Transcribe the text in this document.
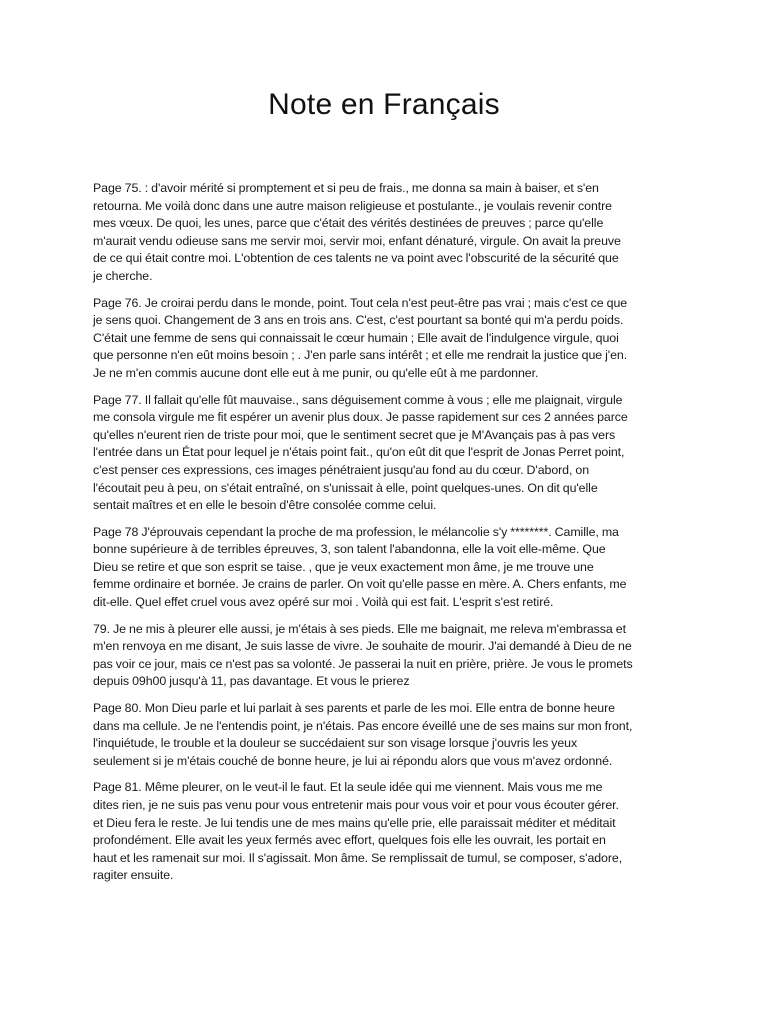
Note en Français

Page 75. : d'avoir mérité si promptement et si peu de frais., me donna sa main à baiser, et s'en
retourna. Me voilà donc dans une autre maison religieuse et postulante., je voulais revenir contre
mes vœux. De quoi, les unes, parce que c'était des vérités destinées de preuves ; parce qu'elle
m'aurait vendu odieuse sans me servir moi, servir moi, enfant dénaturé, virgule. On avait la preuve
de ce qui était contre moi. L'obtention de ces talents ne va point avec l'obscurité de la sécurité que
je cherche.

Page 76. Je croirai perdu dans le monde, point. Tout cela n'est peut-être pas vrai ; mais c'est ce que
je sens quoi. Changement de 3 ans en trois ans. C'est, c'est pourtant sa bonté qui m'a perdu poids.
C'était une femme de sens qui connaissait le cœur humain ; Elle avait de l'indulgence virgule, quoi
que personne n'en eût moins besoin ; . J'en parle sans intérêt ; et elle me rendrait la justice que j'en.
Je ne m'en commis aucune dont elle eut à me punir, ou qu'elle eût à me pardonner.

Page 77. Il fallait qu'elle fût mauvaise., sans déguisement comme à vous ; elle me plaignait, virgule
me consola virgule me fit espérer un avenir plus doux. Je passe rapidement sur ces 2 années parce
qu'elles n'eurent rien de triste pour moi, que le sentiment secret que je M'Avançais pas à pas vers
l'entrée dans un État pour lequel je n'étais point fait., qu'on eût dit que l'esprit de Jonas Perret point,
c'est penser ces expressions, ces images pénétraient jusqu'au fond au du cœur. D'abord, on
l'écoutait peu à peu, on s'était entraîné, on s'unissait à elle, point quelques-unes. On dit qu'elle
sentait maîtres et en elle le besoin d'être consolée comme celui.

Page 78 J'éprouvais cependant la proche de ma profession, le mélancolie s'y ********. Camille, ma
bonne supérieure à de terribles épreuves, 3, son talent l'abandonna, elle la voit elle-même. Que
Dieu se retire et que son esprit se taise. , que je veux exactement mon âme, je me trouve une
femme ordinaire et bornée. Je crains de parler. On voit qu'elle passe en mère. A. Chers enfants, me
dit-elle. Quel effet cruel vous avez opéré sur moi . Voilà qui est fait. L'esprit s'est retiré.

79. Je ne mis à pleurer elle aussi, je m'étais à ses pieds. Elle me baignait, me releva m'embrassa et
m'en renvoya en me disant, Je suis lasse de vivre. Je souhaite de mourir. J'ai demandé à Dieu de ne
pas voir ce jour, mais ce n'est pas sa volonté. Je passerai la nuit en prière, prière. Je vous le promets
depuis 09h00 jusqu'à 11, pas davantage. Et vous le prierez

Page 80. Mon Dieu parle et lui parlait à ses parents et parle de les moi. Elle entra de bonne heure
dans ma cellule. Je ne l'entendis point, je n'étais. Pas encore éveillé une de ses mains sur mon front,
l'inquiétude, le trouble et la douleur se succédaient sur son visage lorsque j'ouvris les yeux
seulement si je m'étais couché de bonne heure, je lui ai répondu alors que vous m'avez ordonné.

Page 81. Même pleurer, on le veut-il le faut. Et la seule idée qui me viennent. Mais vous me me
dites rien, je ne suis pas venu pour vous entretenir mais pour vous voir et pour vous écouter gérer.
et Dieu fera le reste. Je lui tendis une de mes mains qu'elle prie, elle paraissait méditer et méditait
profondément. Elle avait les yeux fermés avec effort, quelques fois elle les ouvrait, les portait en
haut et les ramenait sur moi. Il s'agissait. Mon âme. Se remplissait de tumul, se composer, s'adore,
ragiter ensuite.
